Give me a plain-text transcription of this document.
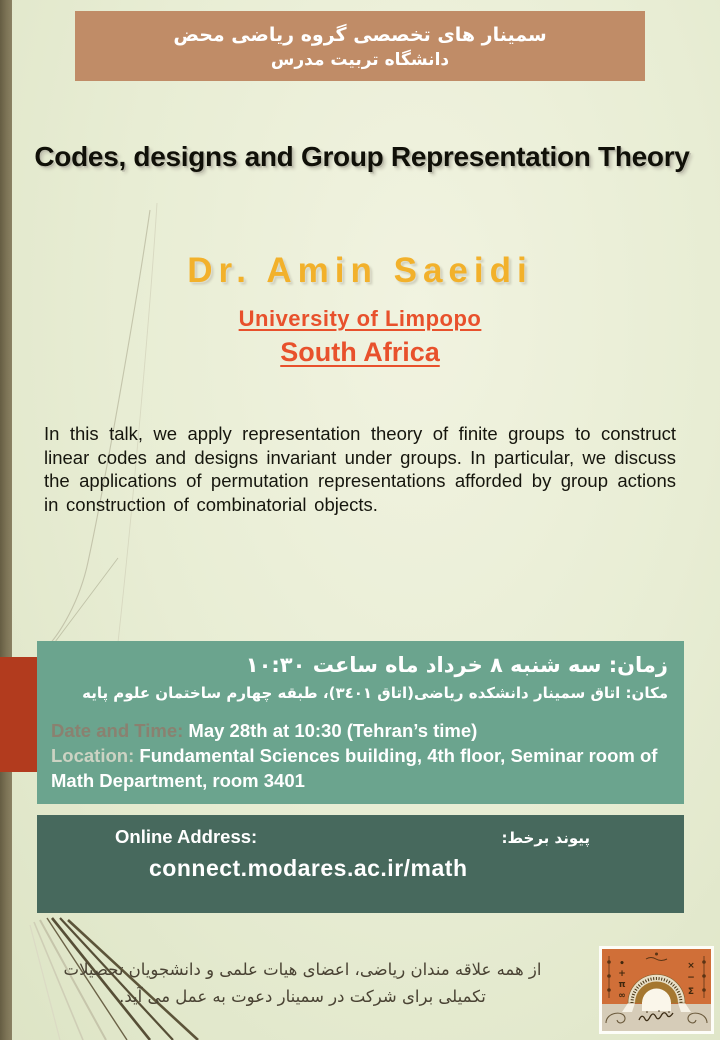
سمینار های تخصصی گروه ریاضی محض
دانشگاه تربیت مدرس
Codes, designs and Group Representation Theory
Dr. Amin Saeidi
University of Limpopo
South Africa
In this talk, we apply representation theory of finite groups to construct linear codes and designs invariant under groups. In particular, we discuss the applications of permutation representations afforded by group actions in construction of combinatorial objects.
زمان: سه شنبه ۸ خرداد ماه ساعت ۱۰:۳۰
مکان: اتاق سمینار دانشکده ریاضی(اتاق ۳٤۰۱)، طبقه چهارم ساختمان علوم پایه
Date and Time: May 28th at 10:30 (Tehran’s time)
Location: Fundamental Sciences building, 4th floor, Seminar room of Math Department, room 3401
Online Address:	پیوند برخط:
connect.modares.ac.ir/math
از همه علاقه مندان ریاضی، اعضای هیات علمی و دانشجویان تحصیلات
تکمیلی برای شرکت در سمینار دعوت به عمل می آید.
•
+
π
∞
×
−
Σ
